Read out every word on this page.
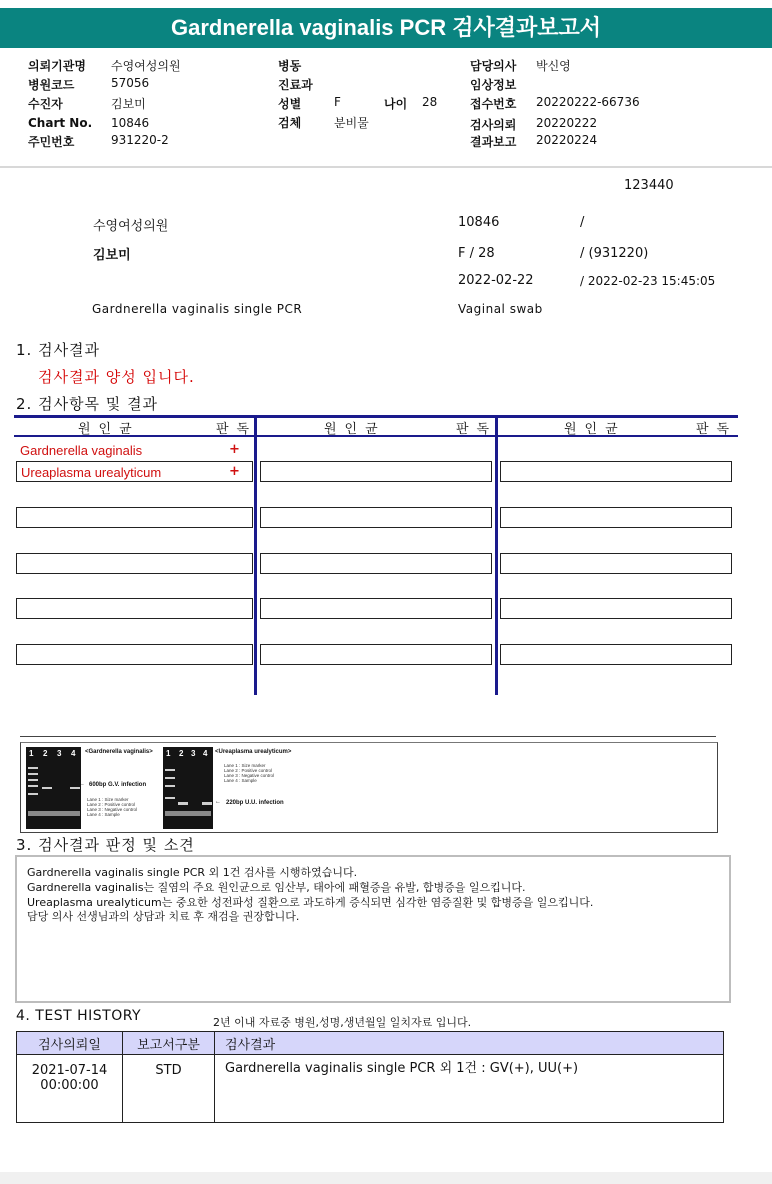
Gardnerella vaginalis PCR 검사결과보고서
의뢰기관명 수영여성의원
병원코드	57056
수진자	김보미
Chart No. 10846
주민번호	931220-2
병동
진료과
성별	F	나이 28
검체	분비물
담당의사 박신영
임상정보
접수번호 20220222-66736
검사의뢰 20220222
결과보고 20220224
123440
수영여성의원	10846	/
김보미	F / 28	/ (931220)
2022-02-22	/ 2022-02-23 15:45:05
Gardnerella vaginalis single PCR	Vaginal swab
1. 검사결과
검사결과 양성 입니다.
2. 검사항목 및 결과
원인균	판독	원인균	판독	원인균	판독
Gardnerella vaginalis	+
Ureaplasma urealyticum	+
1 2 3 4 <Gardnerella vaginalis>
← 600bp G.V. infection
Lane 1 : Size marker
Lane 2 : Positive control
Lane 3 : Negative control
Lane 4 : Sample
1 2 3 4 <Ureaplasma urealyticum>
Lane 1 : Size marker
Lane 2 : Positive control
Lane 3 : Negative control
Lane 4 : Sample
← 220bp U.U. infection
3. 검사결과 판정 및 소견
Gardnerella vaginalis single PCR 외 1건 검사를 시행하였습니다.
Gardnerella vaginalis는 질염의 주요 원인균으로 임산부, 태아에 패혈증을 유발, 합병증을 일으킵니다.
Ureaplasma urealyticum는 중요한 성전파성 질환으로 과도하게 증식되면 심각한 염증질환 및 합병증을 일으킵니다.
담당 의사 선생님과의 상담과 치료 후 재검을 권장합니다.
4. TEST HISTORY	2년 이내 자료중 병원,성명,생년월일 일치자료 입니다.
검사의뢰일	보고서구분	검사결과

2021-07-14
00:00:00	STD	Gardnerella vaginalis single PCR 외 1건 : GV(+), UU(+)
